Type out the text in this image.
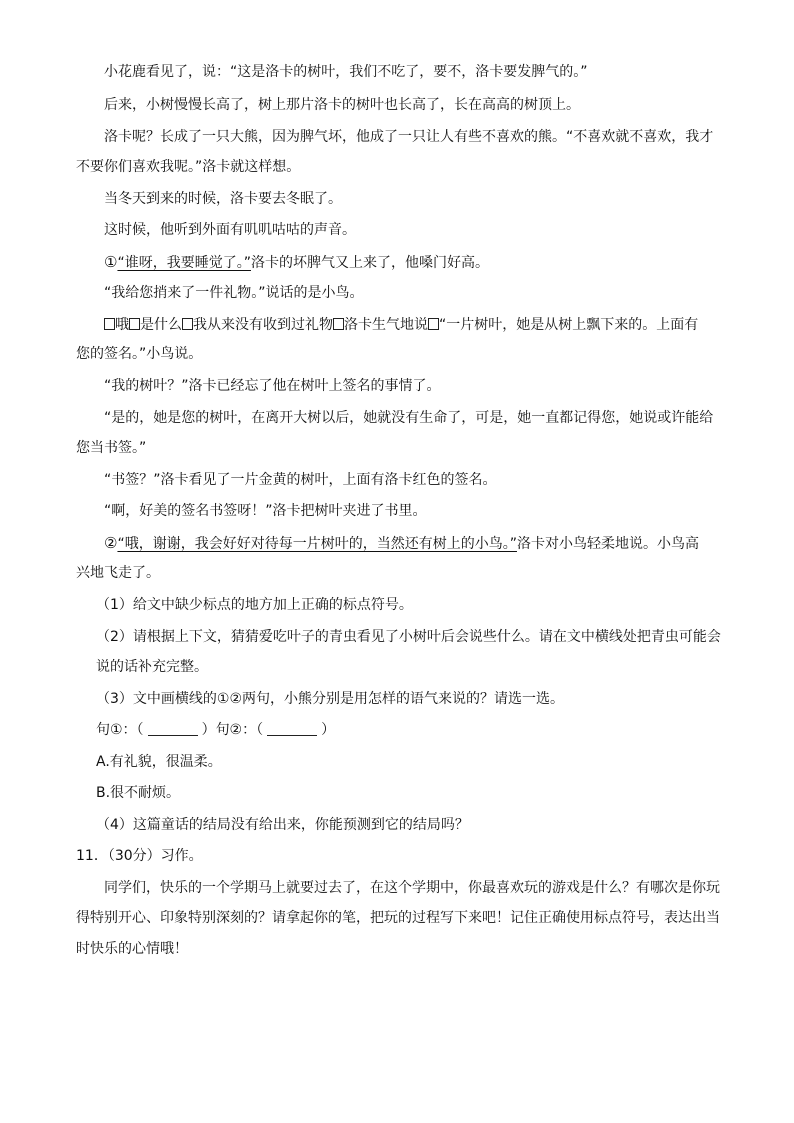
小花鹿看见了，说：“这是洛卡的树叶，我们不吃了，要不，洛卡要发脾气的。”

后来，小树慢慢长高了，树上那片洛卡的树叶也长高了，长在高高的树顶上。

洛卡呢？长成了一只大熊，因为脾气坏，他成了一只让人有些不喜欢的熊。“不喜欢就不喜欢，我才

不要你们喜欢我呢。”洛卡就这样想。

当冬天到来的时候，洛卡要去冬眠了。

这时候，他听到外面有叽叽咕咕的声音。

①“谁呀，我要睡觉了。”洛卡的坏脾气又上来了，他嗓门好高。

“我给您捎来了一件礼物。”说话的是小鸟。

哦 是什么 我从来没有收到过礼物 洛卡生气地说 “一片树叶，她是从树上飘下来的。上面有

您的签名。”小鸟说。

“我的树叶？”洛卡已经忘了他在树叶上签名的事情了。

“是的，她是您的树叶，在离开大树以后，她就没有生命了，可是，她一直都记得您，她说或许能给

您当书签。”

“书签？”洛卡看见了一片金黄的树叶，上面有洛卡红色的签名。

“啊，好美的签名书签呀！”洛卡把树叶夹进了书里。

②“哦，谢谢，我会好好对待每一片树叶的，当然还有树上的小鸟。”洛卡对小鸟轻柔地说。小鸟高

兴地飞走了。

（1）给文中缺少标点的地方加上正确的标点符号。

（2）请根据上下文，猜猜爱吃叶子的青虫看见了小树叶后会说些什么。请在文中横线处把青虫可能会

说的话补充完整。

（3）文中画横线的①②两句，小熊分别是用怎样的语气来说的？请选一选。

句①：（	）句②：（	）

A.有礼貌，很温柔。

B.很不耐烦。

（4）这篇童话的结局没有给出来，你能预测到它的结局吗？

11．（30分）习作。

同学们，快乐的一个学期马上就要过去了，在这个学期中，你最喜欢玩的游戏是什么？有哪次是你玩

得特别开心、印象特别深刻的？请拿起你的笔，把玩的过程写下来吧！记住正确使用标点符号，表达出当

时快乐的心情哦！
